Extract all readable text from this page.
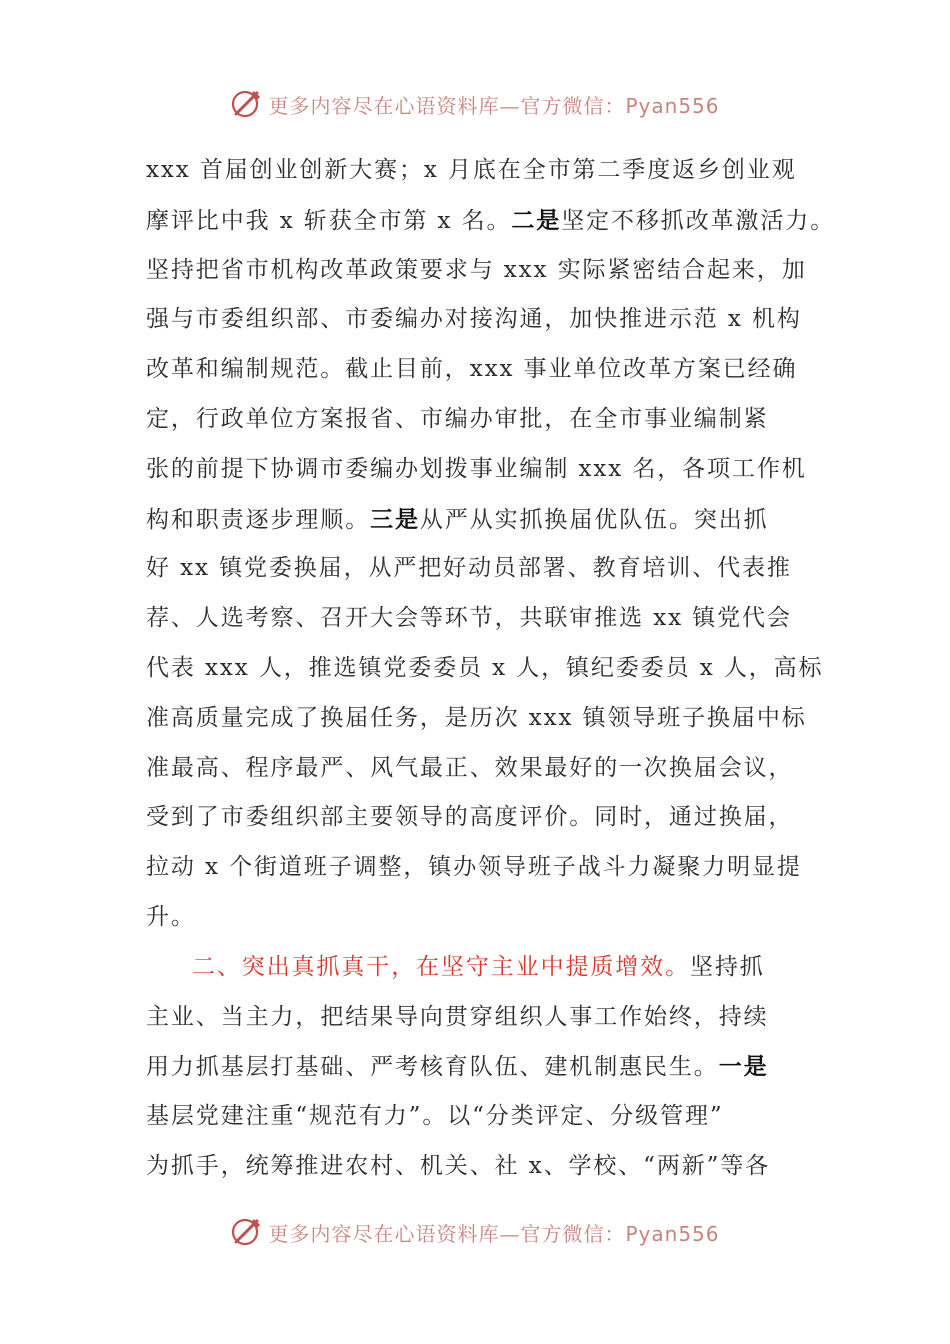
更多内容尽在心语资料库—官方微信：Pyan556
xxx 首届创业创新大赛；x 月底在全市第二季度返乡创业观
摩评比中我 x 斩获全市第 x 名。二是坚定不移抓改革激活力。
坚持把省市机构改革政策要求与 xxx 实际紧密结合起来，加
强与市委组织部、市委编办对接沟通，加快推进示范 x 机构
改革和编制规范。截止目前，xxx 事业单位改革方案已经确
定，行政单位方案报省、市编办审批，在全市事业编制紧
张的前提下协调市委编办划拨事业编制 xxx 名，各项工作机
构和职责逐步理顺。三是从严从实抓换届优队伍。突出抓
好 xx 镇党委换届，从严把好动员部署、教育培训、代表推
荐、人选考察、召开大会等环节，共联审推选 xx 镇党代会
代表 xxx 人，推选镇党委委员 x 人，镇纪委委员 x 人，高标
准高质量完成了换届任务，是历次 xxx 镇领导班子换届中标
准最高、程序最严、风气最正、效果最好的一次换届会议，
受到了市委组织部主要领导的高度评价。同时，通过换届，
拉动 x 个街道班子调整，镇办领导班子战斗力凝聚力明显提
升。
二、突出真抓真干，在坚守主业中提质增效。坚持抓
主业、当主力，把结果导向贯穿组织人事工作始终，持续
用力抓基层打基础、严考核育队伍、建机制惠民生。一是
基层党建注重“规范有力”。以“分类评定、分级管理”
为抓手，统筹推进农村、机关、社 x、学校、“两新”等各
更多内容尽在心语资料库—官方微信：Pyan556
